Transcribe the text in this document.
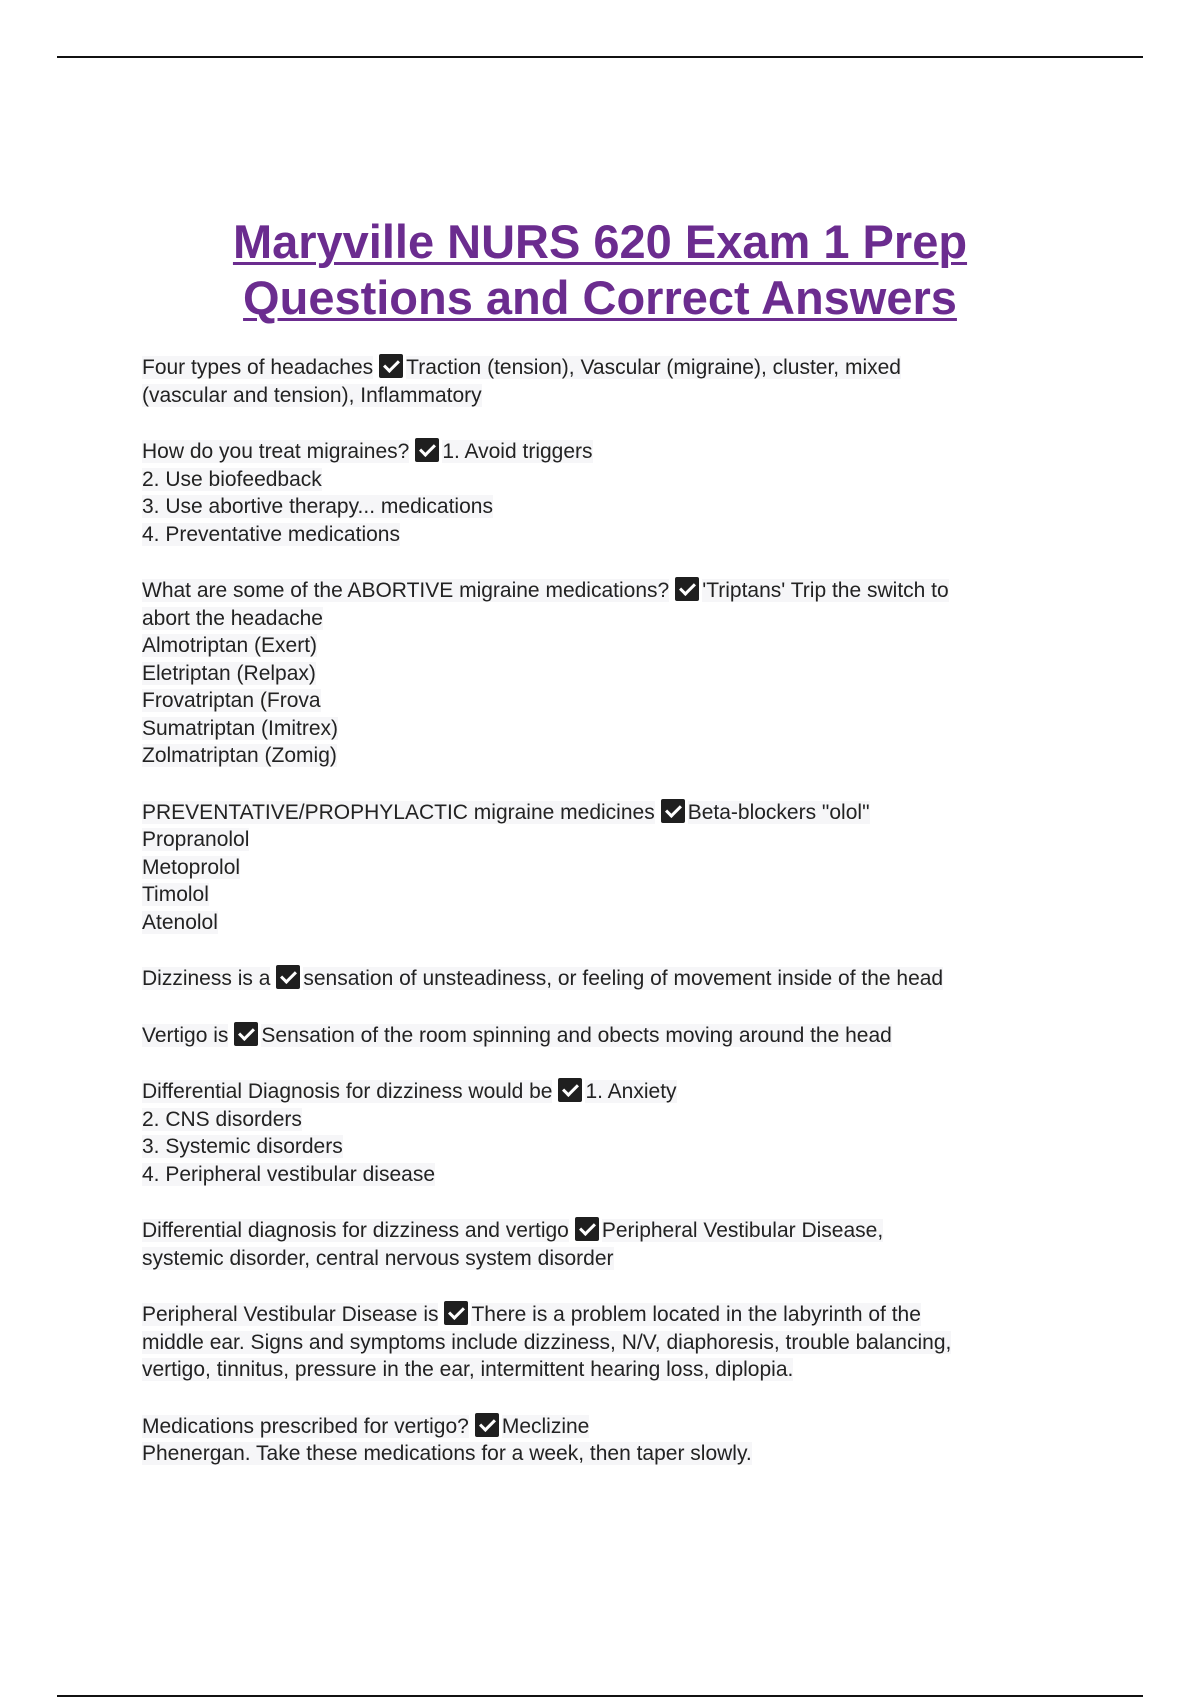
Maryville NURS 620 Exam 1 Prep
Questions and Correct Answers
Four types of headaches Traction (tension), Vascular (migraine), cluster, mixed
(vascular and tension), Inflammatory
How do you treat migraines? 1. Avoid triggers
2. Use biofeedback
3. Use abortive therapy... medications
4. Preventative medications
What are some of the ABORTIVE migraine medications? 'Triptans' Trip the switch to
abort the headache
Almotriptan (Exert)
Eletriptan (Relpax)
Frovatriptan (Frova
Sumatriptan (Imitrex)
Zolmatriptan (Zomig)
PREVENTATIVE/PROPHYLACTIC migraine medicines Beta-blockers "olol"
Propranolol
Metoprolol
Timolol
Atenolol
Dizziness is a sensation of unsteadiness, or feeling of movement inside of the head
Vertigo is Sensation of the room spinning and obects moving around the head
Differential Diagnosis for dizziness would be 1. Anxiety
2. CNS disorders
3. Systemic disorders
4. Peripheral vestibular disease
Differential diagnosis for dizziness and vertigo Peripheral Vestibular Disease,
systemic disorder, central nervous system disorder
Peripheral Vestibular Disease is There is a problem located in the labyrinth of the
middle ear. Signs and symptoms include dizziness, N/V, diaphoresis, trouble balancing,
vertigo, tinnitus, pressure in the ear, intermittent hearing loss, diplopia.
Medications prescribed for vertigo? Meclizine
Phenergan. Take these medications for a week, then taper slowly.
